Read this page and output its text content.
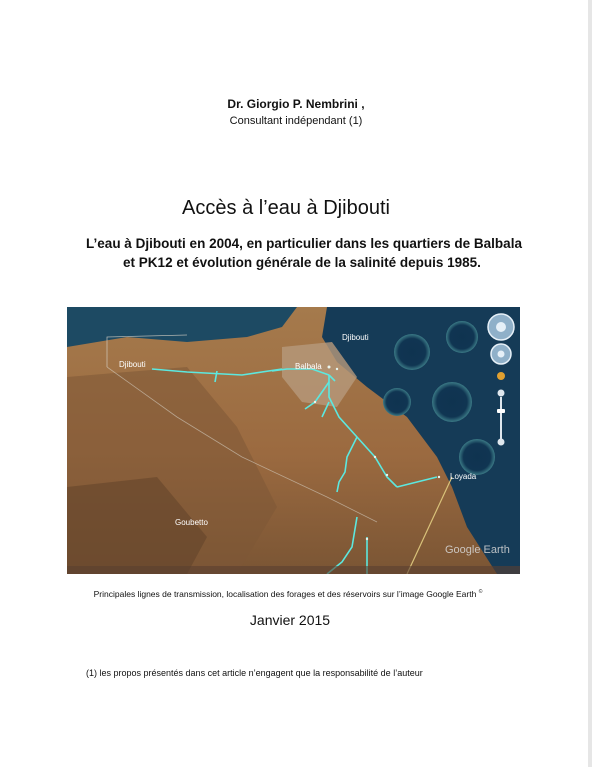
Dr. Giorgio P. Nembrini ,
Consultant indépendant (1)
Accès à l’eau à Djibouti
L’eau à Djibouti en 2004, en particulier dans les quartiers de Balbala
et PK12 et évolution générale de la salinité depuis 1985.
Djibouti
Djibouti	Balbala
Loyada
Goubetto
Google Earth
Principales lignes de transmission, localisation des forages et des réservoirs sur l’image Google Earth ©
Janvier 2015
(1) les propos présentés dans cet article n’engagent que la responsabilité de l’auteur
